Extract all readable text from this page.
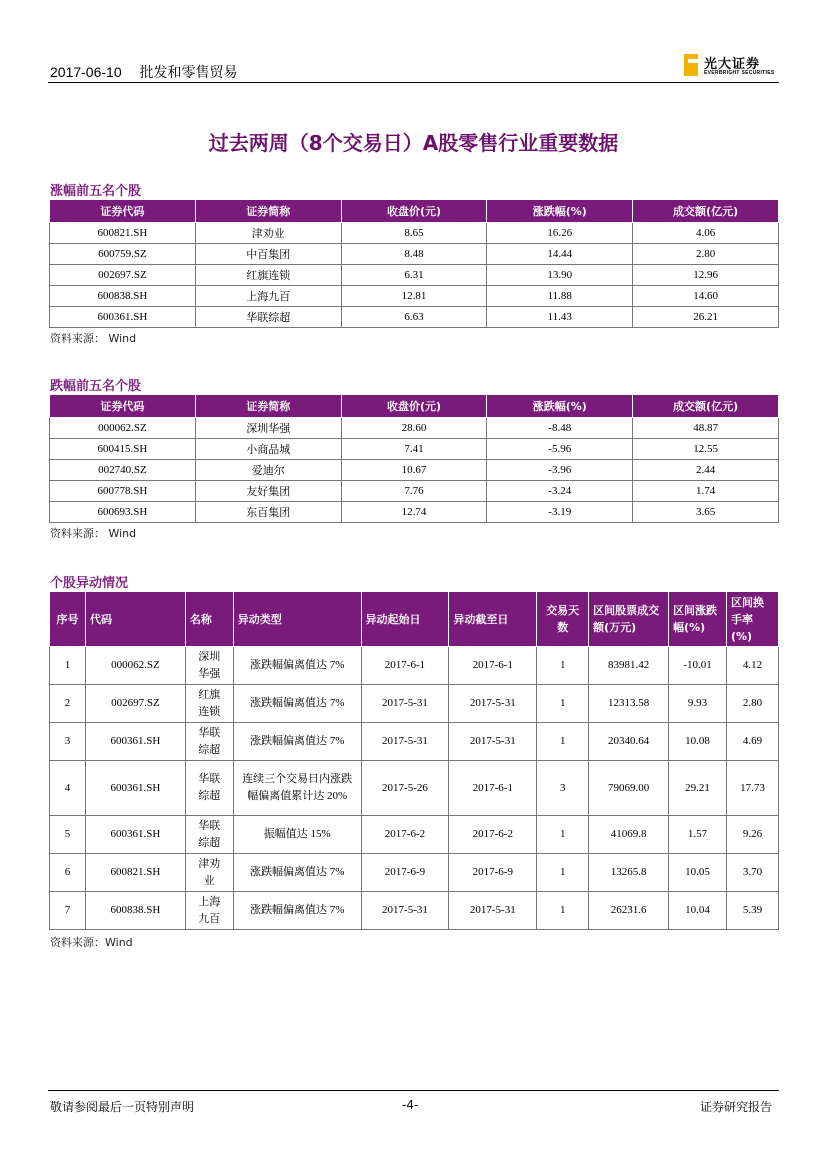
2017-06-10 批发和零售贸易	光大证券
EVERBRIGHT SECURITIES
过去两周（8个交易日）A股零售行业重要数据
涨幅前五名个股
证券代码	证券简称	收盘价(元)	涨跌幅(%)	成交额(亿元)
600821.SH	津劝业	8.65	16.26	4.06
600759.SZ	中百集团	8.48	14.44	2.80
002697.SZ	红旗连锁	6.31	13.90	12.96
600838.SH	上海九百	12.81	11.88	14.60
600361.SH	华联综超	6.63	11.43	26.21
资料来源： Wind
跌幅前五名个股
证券代码	证券简称	收盘价(元)	涨跌幅(%)	成交额(亿元)
000062.SZ	深圳华强	28.60	-8.48	48.87
600415.SH	小商品城	7.41	-5.96	12.55
002740.SZ	爱迪尔	10.67	-3.96	2.44
600778.SH	友好集团	7.76	-3.24	1.74
600693.SH	东百集团	12.74	-3.19	3.65
资料来源： Wind
个股异动情况
序号	代码	名称	异动类型	异动起始日	异动截至日	交易天数	区间股票成交额(万元)	区间涨跌幅(%)	区间换手率(%)
1	000062.SZ	深圳华强	涨跌幅偏离值达 7%	2017-6-1	2017-6-1	1	83981.42	-10.01	4.12
2	002697.SZ	红旗连锁	涨跌幅偏离值达 7%	2017-5-31	2017-5-31	1	12313.58	9.93	2.80
3	600361.SH	华联综超	涨跌幅偏离值达 7%	2017-5-31	2017-5-31	1	20340.64	10.08	4.69
4	600361.SH	华联综超	连续三个交易日内涨跌幅偏离值累计达 20%	2017-5-26	2017-6-1	3	79069.00	29.21	17.73
5	600361.SH	华联综超	振幅值达 15%	2017-6-2	2017-6-2	1	41069.8	1.57	9.26
6	600821.SH	津劝业	涨跌幅偏离值达 7%	2017-6-9	2017-6-9	1	13265.8	10.05	3.70
7	600838.SH	上海九百	涨跌幅偏离值达 7%	2017-5-31	2017-5-31	1	26231.6	10.04	5.39
资料来源：Wind
敬请参阅最后一页特别声明	-4-	证券研究报告
